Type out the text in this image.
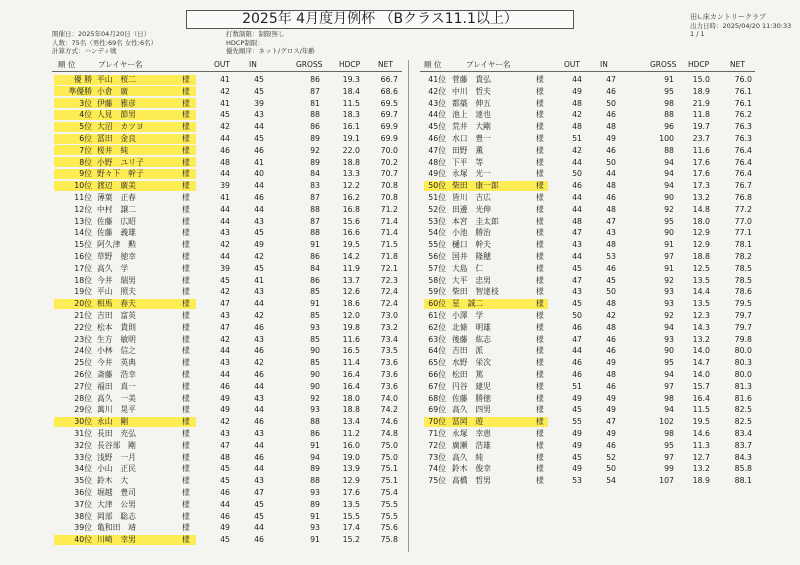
2025年 4月度月例杯 （Bクラス11.1以上）	田∟床カントリークラブ
出力日時：2025/04/20 11:30:33　1 / 1
開催日：2025年04月20日（日）
人数：75名（男性:69名 女性:6名）
計算方式：ハンディ戦
打数制限：制限無し
HDCP制限：
優先順序：ネット/グロス/年齢
順 位	プレイヤー名	OUT	IN	GROSS HDCP NET	順 位	プレイヤー名	OUT	IN	GROSS HDCP	NET
優 勝 平山　桜二	様	41	45	86	19.3	66.7
準優勝 小倉　廣	様	42	45	87	18.4	68.6
3位 伊藤　雅彦	様	41	39	81	11.5	69.5
4位 人見　節男	様	45	43	88	18.3	69.7
5位 大沼　カツヨ	様	42	44	86	16.1	69.9
6位 冨田　金良	様	44	45	89	19.1	69.9
7位 桜井　純	様	46	46	92	22.0	70.0
8位 小野　ユリ子	様	48	41	89	18.8	70.2
9位 野々下　幹子	様	44	40	84	13.3	70.7
10位 渡辺　廣美	様	39	44	83	12.2	70.8
11位 薄葉　正春	様	41	46	87	16.2	70.8
12位 中村　譲二	様	44	44	88	16.8	71.2
13位 佐藤　広昭	様	44	43	87	15.6	71.4
14位 佐藤　義雄	様	43	45	88	16.6	71.4
15位 阿久津　勲	様	42	49	91	19.5	71.5
16位 草野　徳幸	様	44	42	86	14.2	71.8
17位 高久　学	様	39	45	84	11.9	72.1
18位 今井　瑞男	様	45	41	86	13.7	72.3
19位 平山　照夫	様	42	43	85	12.6	72.4
20位 相馬　春夫	様	47	44	91	18.6	72.4
21位 吉田　富英	様	43	42	85	12.0	73.0
22位 松本　貴則	様	47	46	93	19.8	73.2
23位 生方　敏明	様	42	43	85	11.6	73.4
24位 小林　信之	様	44	46	90	16.5	73.5
25位 今井　英典	様	43	42	85	11.4	73.6
26位 斎藤　浩幸	様	44	46	90	16.4	73.6
27位 福田　真一	様	46	44	90	16.4	73.6
28位 高久　一美	様	49	43	92	18.0	74.0
29位 萬川　晃平	様	49	44	93	18.8	74.2
30位 永山　剛	様	42	46	88	13.4	74.6
31位 長田　充弘	様	43	43	86	11.2	74.8
32位 長谷部　剛	様	47	44	91	16.0	75.0
33位 浅野　一月	様	48	46	94	19.0	75.0
34位 小山　正民	様	45	44	89	13.9	75.1
35位 鈴木　大	様	45	43	88	12.9	75.1
36位 堀越　豊司	様	46	47	93	17.6	75.4
37位 大津　公男	様	44	45	89	13.5	75.5
38位 岡部　聡志	様	46	45	91	15.5	75.5
39位 亀和田　靖	様	49	44	93	17.4	75.6
40位 川崎　幸男	様	45	46	91	15.2	75.8
41位 菅藤　貴弘	様	44	47	91	15.0	76.0
42位 中川　哲夫	様	49	46	95	18.9	76.1
43位 都築　伸五	様	48	50	98	21.9	76.1
44位 池上　達也	様	42	46	88	11.8	76.2
45位 荒井　大剛	様	48	48	96	19.7	76.3
46位 水口　豊一	様	51	49	100	23.7	76.3
47位 田野　薫	様	42	46	88	11.6	76.4
48位 下平　等	様	44	50	94	17.6	76.4
49位 永塚　光一	様	50	44	94	17.6	76.4
50位 柴田　康一郎	様	46	48	94	17.3	76.7
51位 皆川　吉広	様	44	46	90	13.2	76.8
52位 田邊　光伸	様	44	48	92	14.8	77.2
53位 本宮　圭太郎	様	48	47	95	18.0	77.0
54位 小池　勝治	様	47	43	90	12.9	77.1
55位 樋口　幹夫	様	43	48	91	12.9	78.1
56位 国井　隆穂	様	44	53	97	18.8	78.2
57位 大島　仁	様	45	46	91	12.5	78.5
58位 大平　忠男	様	47	45	92	13.5	78.5
59位 柴田　智達枝	様	43	50	93	14.4	78.6
60位 星　誠二	様	45	48	93	13.5	79.5
61位 小澤　学	様	50	42	92	12.3	79.7
62位 北條　明雄	様	46	48	94	14.3	79.7
63位 後藤　紘志	様	47	46	93	13.2	79.8
64位 吉田　派	様	44	46	90	14.0	80.0
65位 水野　栄次	様	46	49	95	14.7	80.3
66位 松田　篤	様	46	48	94	14.0	80.0
67位 円谷　建児	様	51	46	97	15.7	81.3
68位 佐藤　勝徳	様	49	49	98	16.4	81.6
69位 高久　四男	様	45	49	94	11.5	82.5
70位 冨岡　遊	様	55	47	102	19.5	82.5
71位 永塚　幸恵	様	49	49	98	14.6	83.4
72位 廣瀬　浩雄	様	49	46	95	11.3	83.7
73位 高久　純	様	45	52	97	12.7	84.3
74位 鈴木　俊幸	様	49	50	99	13.2	85.8
75位 高橋　哲男	様	53	54	107	18.9	88.1
